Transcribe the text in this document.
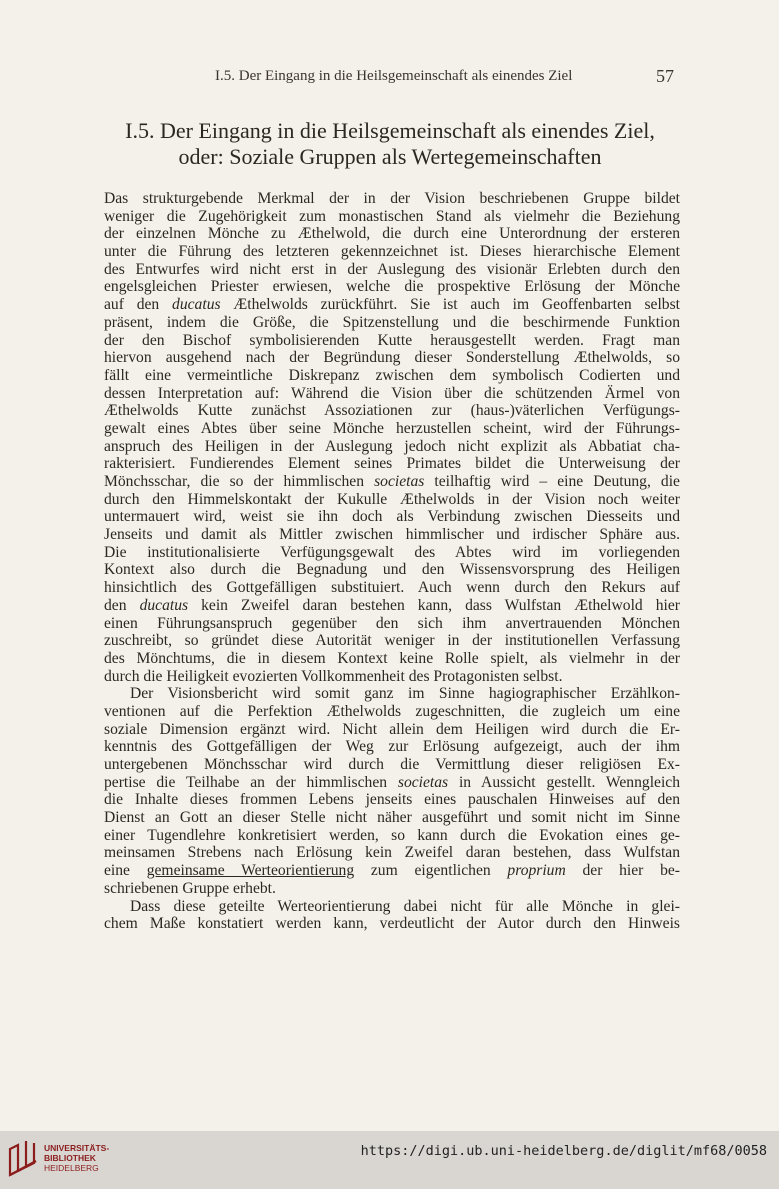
I.5. Der Eingang in die Heilsgemeinschaft als einendes Ziel	57
I.5. Der Eingang in die Heilsgemeinschaft als einendes Ziel,
oder: Soziale Gruppen als Wertegemeinschaften
Das strukturgebende Merkmal der in der Vision beschriebenen Gruppe bildet
weniger die Zugehörigkeit zum monastischen Stand als vielmehr die Beziehung
der einzelnen Mönche zu Æthelwold, die durch eine Unterordnung der ersteren
unter die Führung des letzteren gekennzeichnet ist. Dieses hierarchische Element
des Entwurfes wird nicht erst in der Auslegung des visionär Erlebten durch den
engelsgleichen Priester erwiesen, welche die prospektive Erlösung der Mönche
auf den ducatus Æthelwolds zurückführt. Sie ist auch im Geoffenbarten selbst
präsent, indem die Größe, die Spitzenstellung und die beschirmende Funktion
der den Bischof symbolisierenden Kutte herausgestellt werden. Fragt man
hiervon ausgehend nach der Begründung dieser Sonderstellung Æthelwolds, so
fällt eine vermeintliche Diskrepanz zwischen dem symbolisch Codierten und
dessen Interpretation auf: Während die Vision über die schützenden Ärmel von
Æthelwolds Kutte zunächst Assoziationen zur (haus-)väterlichen Verfügungs-
gewalt eines Abtes über seine Mönche herzustellen scheint, wird der Führungs-
anspruch des Heiligen in der Auslegung jedoch nicht explizit als Abbatiat cha-
rakterisiert. Fundierendes Element seines Primates bildet die Unterweisung der
Mönchsschar, die so der himmlischen societas teilhaftig wird – eine Deutung, die
durch den Himmelskontakt der Kukulle Æthelwolds in der Vision noch weiter
untermauert wird, weist sie ihn doch als Verbindung zwischen Diesseits und
Jenseits und damit als Mittler zwischen himmlischer und irdischer Sphäre aus.
Die institutionalisierte Verfügungsgewalt des Abtes wird im vorliegenden
Kontext also durch die Begnadung und den Wissensvorsprung des Heiligen
hinsichtlich des Gottgefälligen substituiert. Auch wenn durch den Rekurs auf
den ducatus kein Zweifel daran bestehen kann, dass Wulfstan Æthelwold hier
einen Führungsanspruch gegenüber den sich ihm anvertrauenden Mönchen
zuschreibt, so gründet diese Autorität weniger in der institutionellen Verfassung
des Mönchtums, die in diesem Kontext keine Rolle spielt, als vielmehr in der
durch die Heiligkeit evozierten Vollkommenheit des Protagonisten selbst.
Der Visionsbericht wird somit ganz im Sinne hagiographischer Erzählkon-
ventionen auf die Perfektion Æthelwolds zugeschnitten, die zugleich um eine
soziale Dimension ergänzt wird. Nicht allein dem Heiligen wird durch die Er-
kenntnis des Gottgefälligen der Weg zur Erlösung aufgezeigt, auch der ihm
untergebenen Mönchsschar wird durch die Vermittlung dieser religiösen Ex-
pertise die Teilhabe an der himmlischen societas in Aussicht gestellt. Wenngleich
die Inhalte dieses frommen Lebens jenseits eines pauschalen Hinweises auf den
Dienst an Gott an dieser Stelle nicht näher ausgeführt und somit nicht im Sinne
einer Tugendlehre konkretisiert werden, so kann durch die Evokation eines ge-
meinsamen Strebens nach Erlösung kein Zweifel daran bestehen, dass Wulfstan
eine gemeinsame Werteorientierung zum eigentlichen proprium der hier be-
schriebenen Gruppe erhebt.
Dass diese geteilte Werteorientierung dabei nicht für alle Mönche in glei-
chem Maße konstatiert werden kann, verdeutlicht der Autor durch den Hinweis
UNIVERSITÄTS-
BIBLIOTHEK
HEIDELBERG
https://digi.ub.uni-heidelberg.de/diglit/mf68/0058
